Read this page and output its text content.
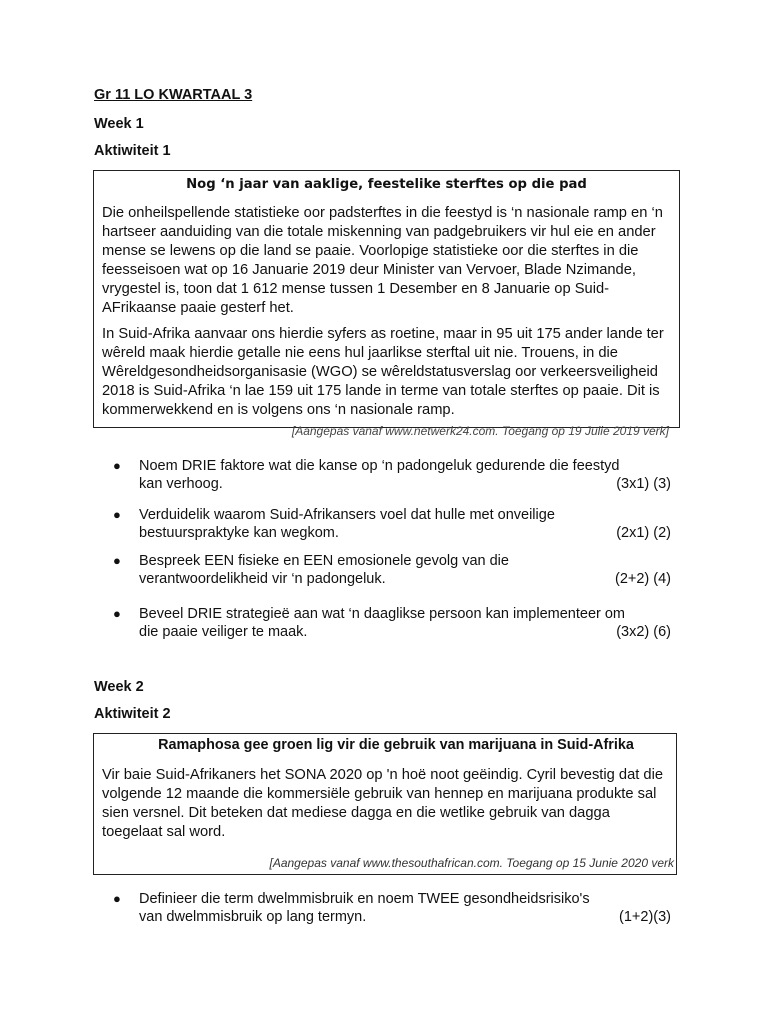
Gr 11 LO KWARTAAL 3
Week 1
Aktiwiteit 1
Nog ‘n jaar van aaklige, feestelike sterftes op die pad
Die onheilspellende statistieke oor padsterftes in die feestyd is ‘n nasionale ramp en ‘n hartseer aanduiding van die totale miskenning van padgebruikers vir hul eie en ander mense se lewens op die land se paaie. Voorlopige statistieke oor die sterftes in die feesseisoen wat op 16 Januarie 2019 deur Minister van Vervoer, Blade Nzimande, vrygestel is, toon dat 1 612 mense tussen 1 Desember en 8 Januarie op Suid-AFrikaanse paaie gesterf het.
In Suid-Afrika aanvaar ons hierdie syfers as roetine, maar in 95 uit 175 ander lande ter wêreld maak hierdie getalle nie eens hul jaarlikse sterftal uit nie. Trouens, in die Wêreldgesondheidsorganisasie (WGO) se wêreldstatusverslag oor verkeersveiligheid 2018 is Suid-Afrika ‘n lae 159 uit 175 lande in terme van totale sterftes op paaie. Dit is kommerwekkend en is volgens ons ‘n nasionale ramp.
[Aangepas vanaf www.netwerk24.com. Toegang op 19 Julie 2019 verk]
● Noem DRIE faktore wat die kanse op ‘n padongeluk gedurende die feestyd
kan verhoog.	(3x1) (3)
● Verduidelik waarom Suid-Afrikansers voel dat hulle met onveilige
bestuurspraktyke kan wegkom.	(2x1) (2)
● Bespreek EEN fisieke en EEN emosionele gevolg van die
verantwoordelikheid vir ‘n padongeluk.	(2+2) (4)
● Beveel DRIE strategieë aan wat ‘n daaglikse persoon kan implementeer om
die paaie veiliger te maak.	(3x2) (6)
Week 2
Aktiwiteit 2
Ramaphosa gee groen lig vir die gebruik van marijuana in Suid-Afrika
Vir baie Suid-Afrikaners het SONA 2020 op 'n hoë noot geëindig. Cyril bevestig dat die volgende 12 maande die kommersiële gebruik van hennep en marijuana produkte sal sien versnel. Dit beteken dat mediese dagga en die wetlike gebruik van dagga toegelaat sal word.
[Aangepas vanaf www.thesouthafrican.com. Toegang op 15 Junie 2020 verk
● Definieer die term dwelmmisbruik en noem TWEE gesondheidsrisiko's
van dwelmmisbruik op lang termyn.	(1+2)(3)
